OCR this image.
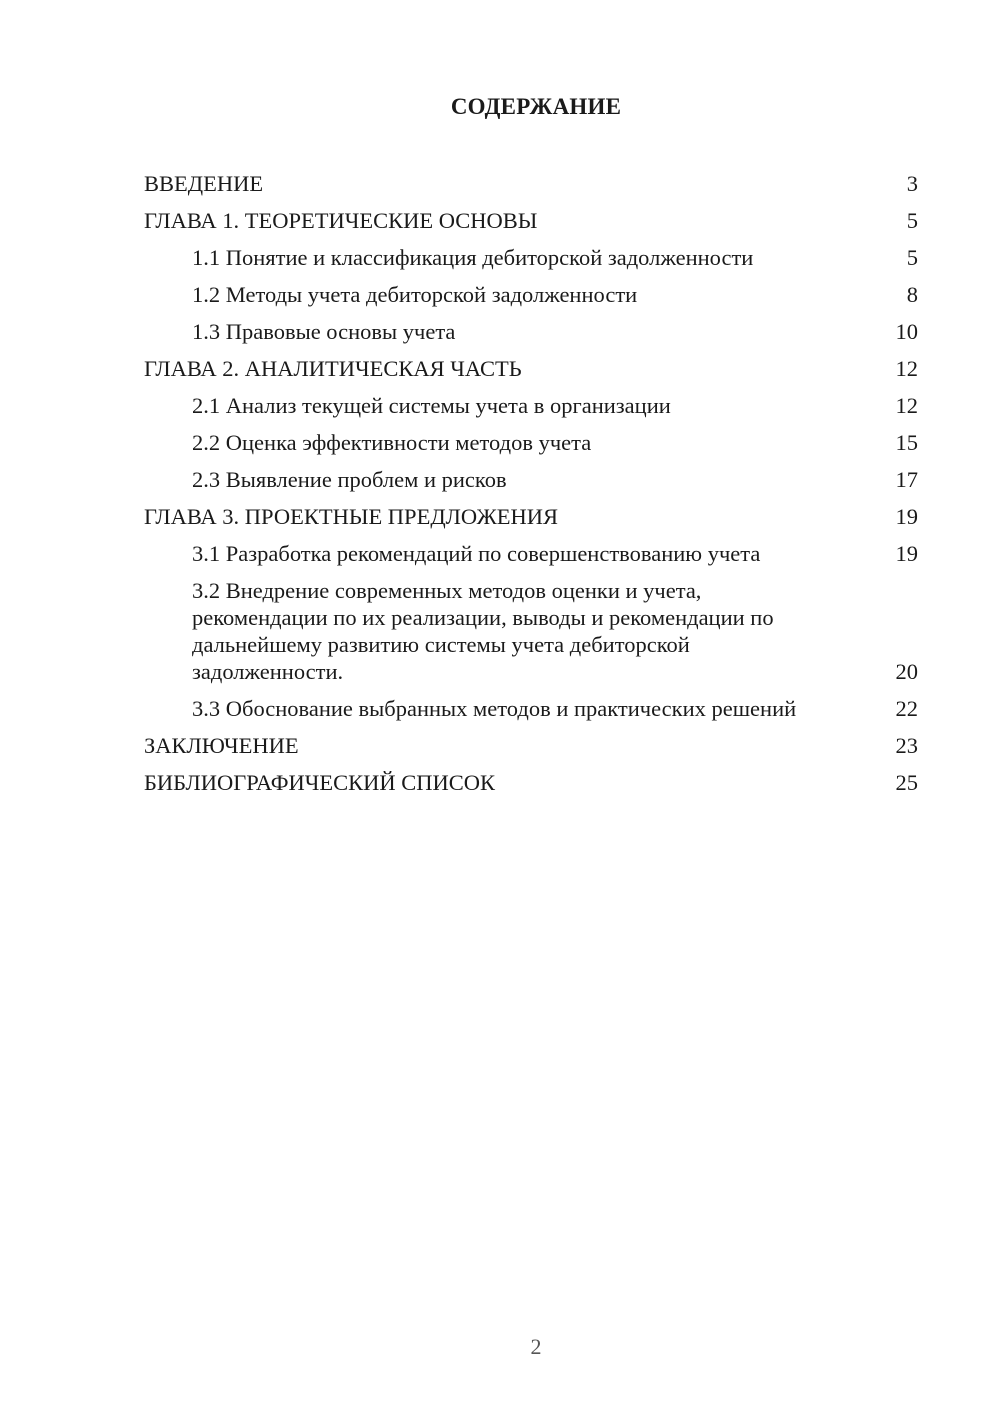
СОДЕРЖАНИЕ
ВВЕДЕНИЕ	3
ГЛАВА 1. ТЕОРЕТИЧЕСКИЕ ОСНОВЫ	5
1.1 Понятие и классификация дебиторской задолженности	5
1.2 Методы учета дебиторской задолженности	8
1.3 Правовые основы учета	10
ГЛАВА 2. АНАЛИТИЧЕСКАЯ ЧАСТЬ	12
2.1 Анализ текущей системы учета в организации	12
2.2 Оценка эффективности методов учета	15
2.3 Выявление проблем и рисков	17
ГЛАВА 3. ПРОЕКТНЫЕ ПРЕДЛОЖЕНИЯ	19
3.1 Разработка рекомендаций по совершенствованию учета	19
3.2 Внедрение современных методов оценки и учета, рекомендации по их реализации, выводы и рекомендации по дальнейшему развитию системы учета дебиторской задолженности.	20
3.3 Обоснование выбранных методов и практических решений	22
ЗАКЛЮЧЕНИЕ	23
БИБЛИОГРАФИЧЕСКИЙ СПИСОК	25
2
